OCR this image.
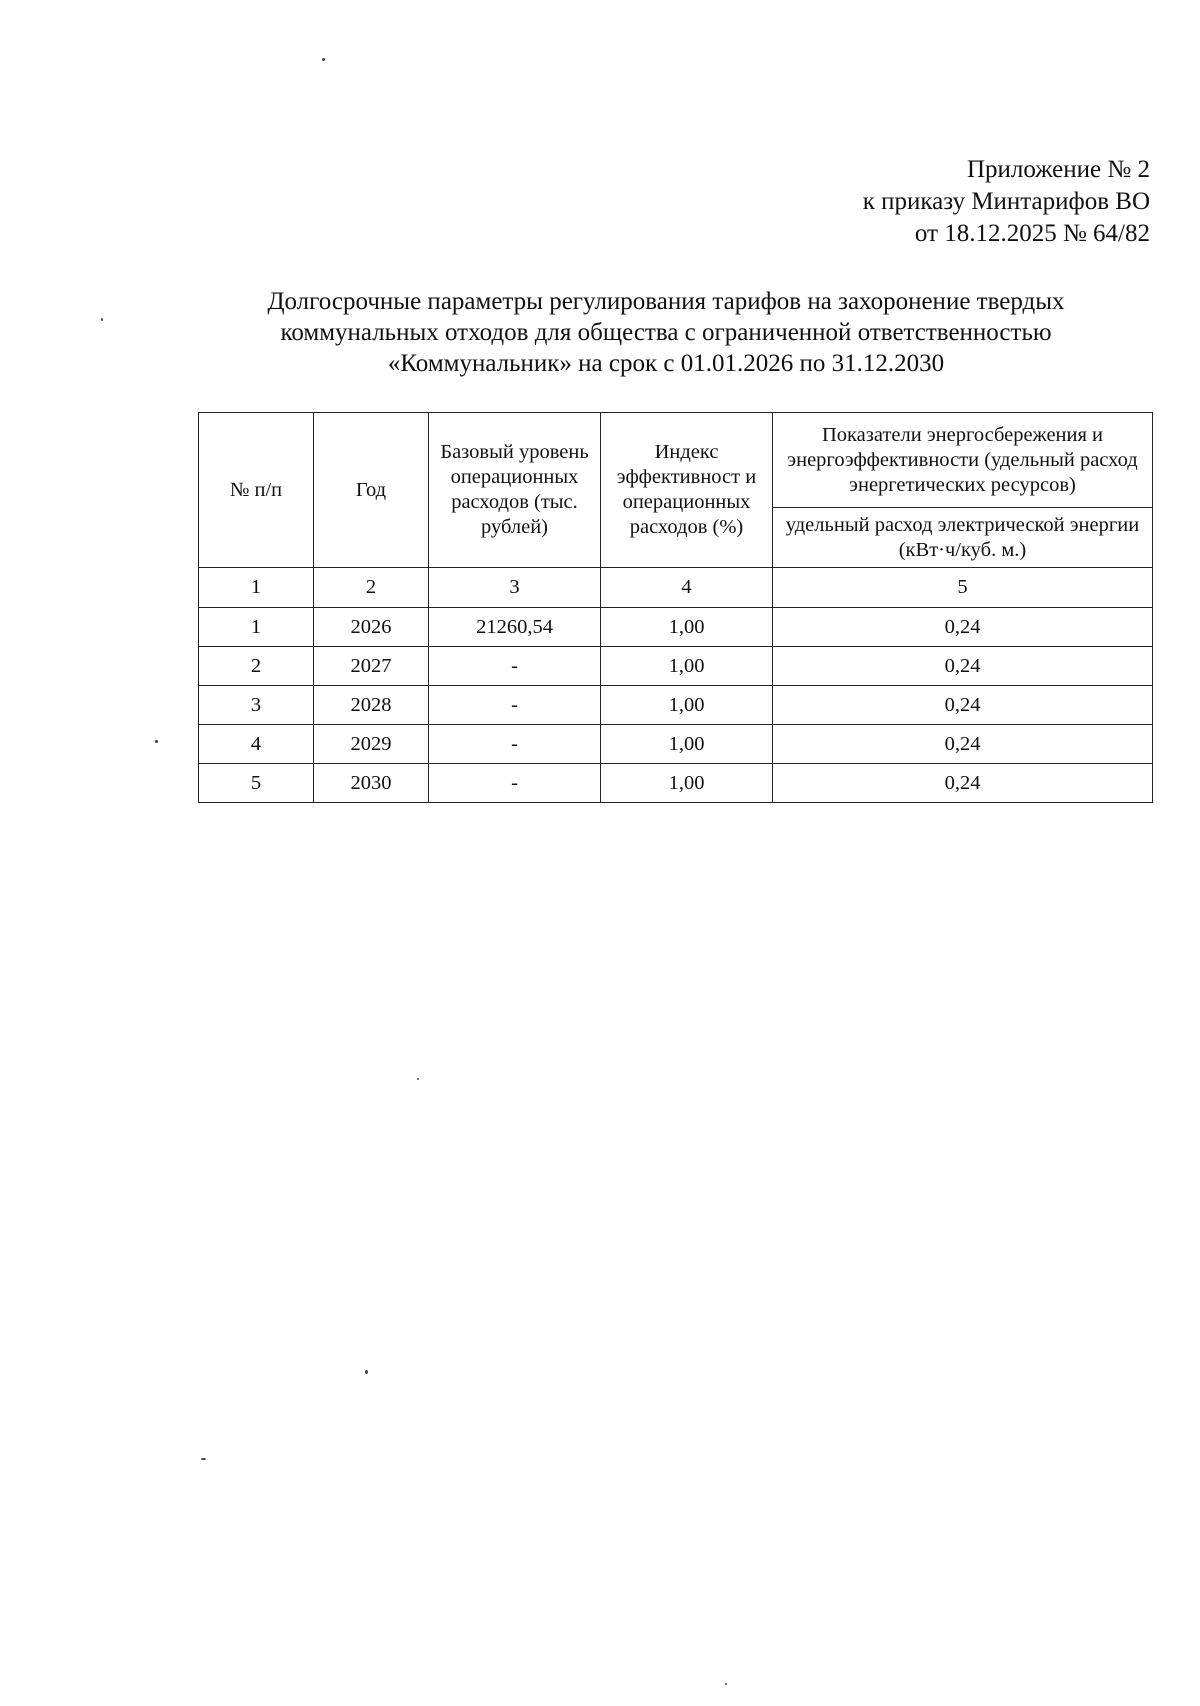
Приложение № 2
к приказу Минтарифов ВО
от 18.12.2025 № 64/82
Долгосрочные параметры регулирования тарифов на захоронение твердых
коммунальных отходов для общества с ограниченной ответственностью
«Коммунальник» на срок с 01.01.2026 по 31.12.2030
№ п/п	Год	Базовый уровень операционных расходов (тыс. рублей)	Индекс эффективност и операционных расходов (%)	Показатели энергосбережения и энергоэффективности (удельный расход энергетических ресурсов)
				удельный расход электрической энергии (кВт·ч/куб. м.)
1	2	3	4	5
1	2026	21260,54	1,00	0,24
2	2027	-	1,00	0,24
3	2028	-	1,00	0,24
4	2029	-	1,00	0,24
5	2030	-	1,00	0,24
